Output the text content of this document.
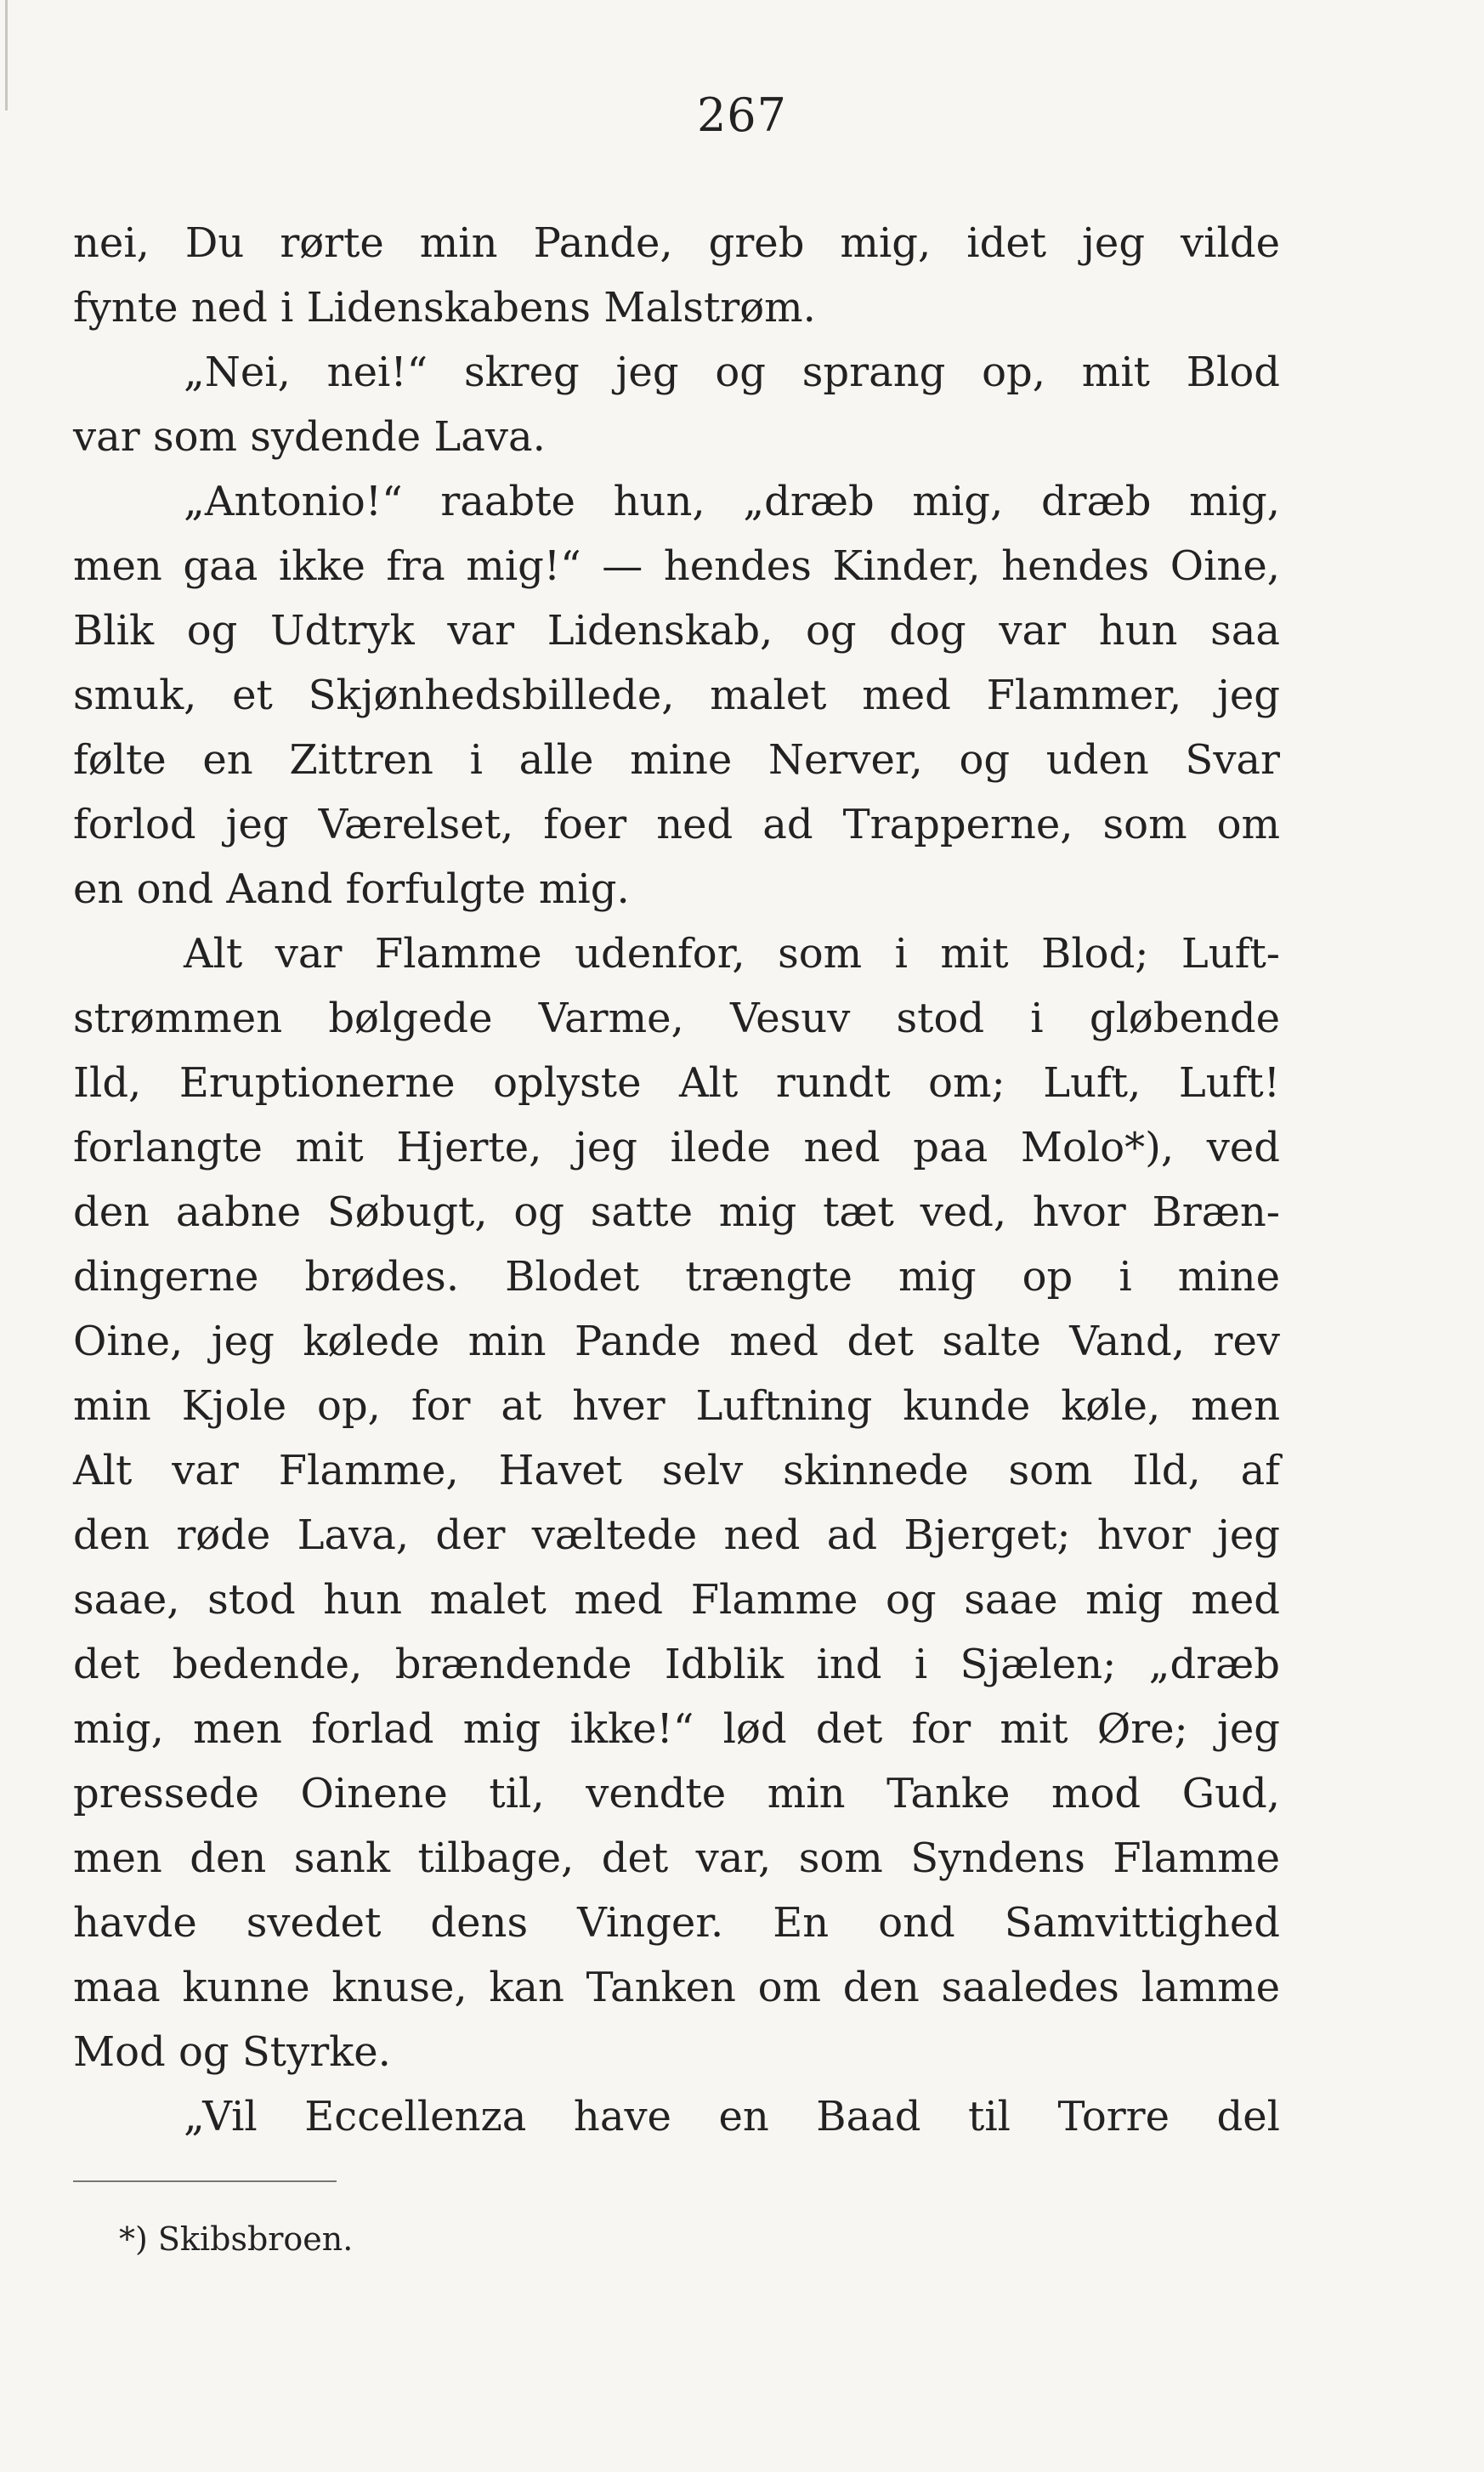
267
nei, Du rørte min Pande, greb mig, idet jeg vilde
fynte ned i Lidenskabens Malstrøm.
„Nei, nei!“ skreg jeg og sprang op, mit Blod
var som sydende Lava.
„Antonio!“ raabte hun, „dræb mig, dræb mig,
men gaa ikke fra mig!“ — hendes Kinder, hendes Oine,
Blik og Udtryk var Lidenskab, og dog var hun saa
smuk, et Skjønhedsbillede, malet med Flammer, jeg
følte en Zittren i alle mine Nerver, og uden Svar
forlod jeg Værelset, foer ned ad Trapperne, som om
en ond Aand forfulgte mig.
Alt var Flamme udenfor, som i mit Blod; Luft-
strømmen bølgede Varme, Vesuv stod i gløbende
Ild, Eruptionerne oplyste Alt rundt om; Luft, Luft!
forlangte mit Hjerte, jeg ilede ned paa Molo*), ved
den aabne Søbugt, og satte mig tæt ved, hvor Bræn-
dingerne brødes. Blodet trængte mig op i mine
Oine, jeg kølede min Pande med det salte Vand, rev
min Kjole op, for at hver Luftning kunde køle, men
Alt var Flamme, Havet selv skinnede som Ild, af
den røde Lava, der væltede ned ad Bjerget; hvor jeg
saae, stod hun malet med Flamme og saae mig med
det bedende, brændende Idblik ind i Sjælen; „dræb
mig, men forlad mig ikke!“ lød det for mit Øre; jeg
pressede Oinene til, vendte min Tanke mod Gud,
men den sank tilbage, det var, som Syndens Flamme
havde svedet dens Vinger. En ond Samvittighed
maa kunne knuse, kan Tanken om den saaledes lamme
Mod og Styrke.
„Vil Eccellenza have en Baad til Torre del
*) Skibsbroen.
